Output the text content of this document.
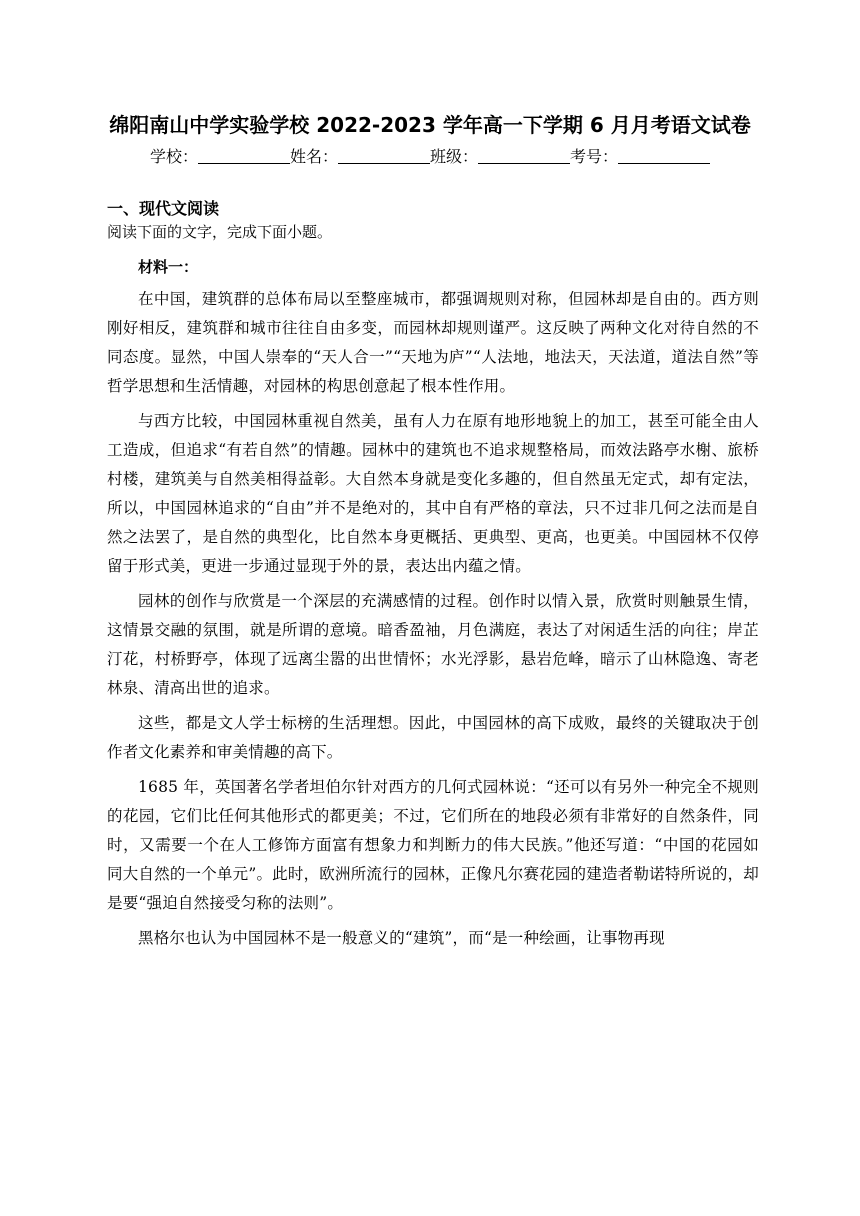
绵阳南山中学实验学校 2022-2023 学年高一下学期 6 月月考语文试卷
学校：	姓名：	班级：	考号：
一、现代文阅读
阅读下面的文字，完成下面小题。
材料一：

在中国，建筑群的总体布局以至整座城市，都强调规则对称，但园林却是自由的。西方则刚好相反，建筑群和城市往往自由多变，而园林却规则谨严。这反映了两种文化对待自然的不同态度。显然，中国人崇奉的“天人合一”“天地为庐”“人法地，地法天，天法道，道法自然”等哲学思想和生活情趣，对园林的构思创意起了根本性作用。

与西方比较，中国园林重视自然美，虽有人力在原有地形地貌上的加工，甚至可能全由人工造成，但追求“有若自然”的情趣。园林中的建筑也不追求规整格局，而效法路亭水榭、旅桥村楼，建筑美与自然美相得益彰。大自然本身就是变化多趣的，但自然虽无定式，却有定法，所以，中国园林追求的“自由”并不是绝对的，其中自有严格的章法，只不过非几何之法而是自然之法罢了，是自然的典型化，比自然本身更概括、更典型、更高，也更美。中国园林不仅停留于形式美，更进一步通过显现于外的景，表达出内蕴之情。

园林的创作与欣赏是一个深层的充满感情的过程。创作时以情入景，欣赏时则触景生情，这情景交融的氛围，就是所谓的意境。暗香盈袖，月色满庭，表达了对闲适生活的向往；岸芷汀花，村桥野亭，体现了远离尘嚣的出世情怀；水光浮影，悬岩危峰，暗示了山林隐逸、寄老林泉、清高出世的追求。

这些，都是文人学士标榜的生活理想。因此，中国园林的高下成败，最终的关键取决于创作者文化素养和审美情趣的高下。

1685 年，英国著名学者坦伯尔针对西方的几何式园林说：“还可以有另外一种完全不规则的花园，它们比任何其他形式的都更美；不过，它们所在的地段必须有非常好的自然条件，同时，又需要一个在人工修饰方面富有想象力和判断力的伟大民族。”他还写道：“中国的花园如同大自然的一个单元”。此时，欧洲所流行的园林，正像凡尔赛花园的建造者勒诺特所说的，却是要“强迫自然接受匀称的法则”。

黑格尔也认为中国园林不是一般意义的“建筑”，而“是一种绘画，让事物再现
